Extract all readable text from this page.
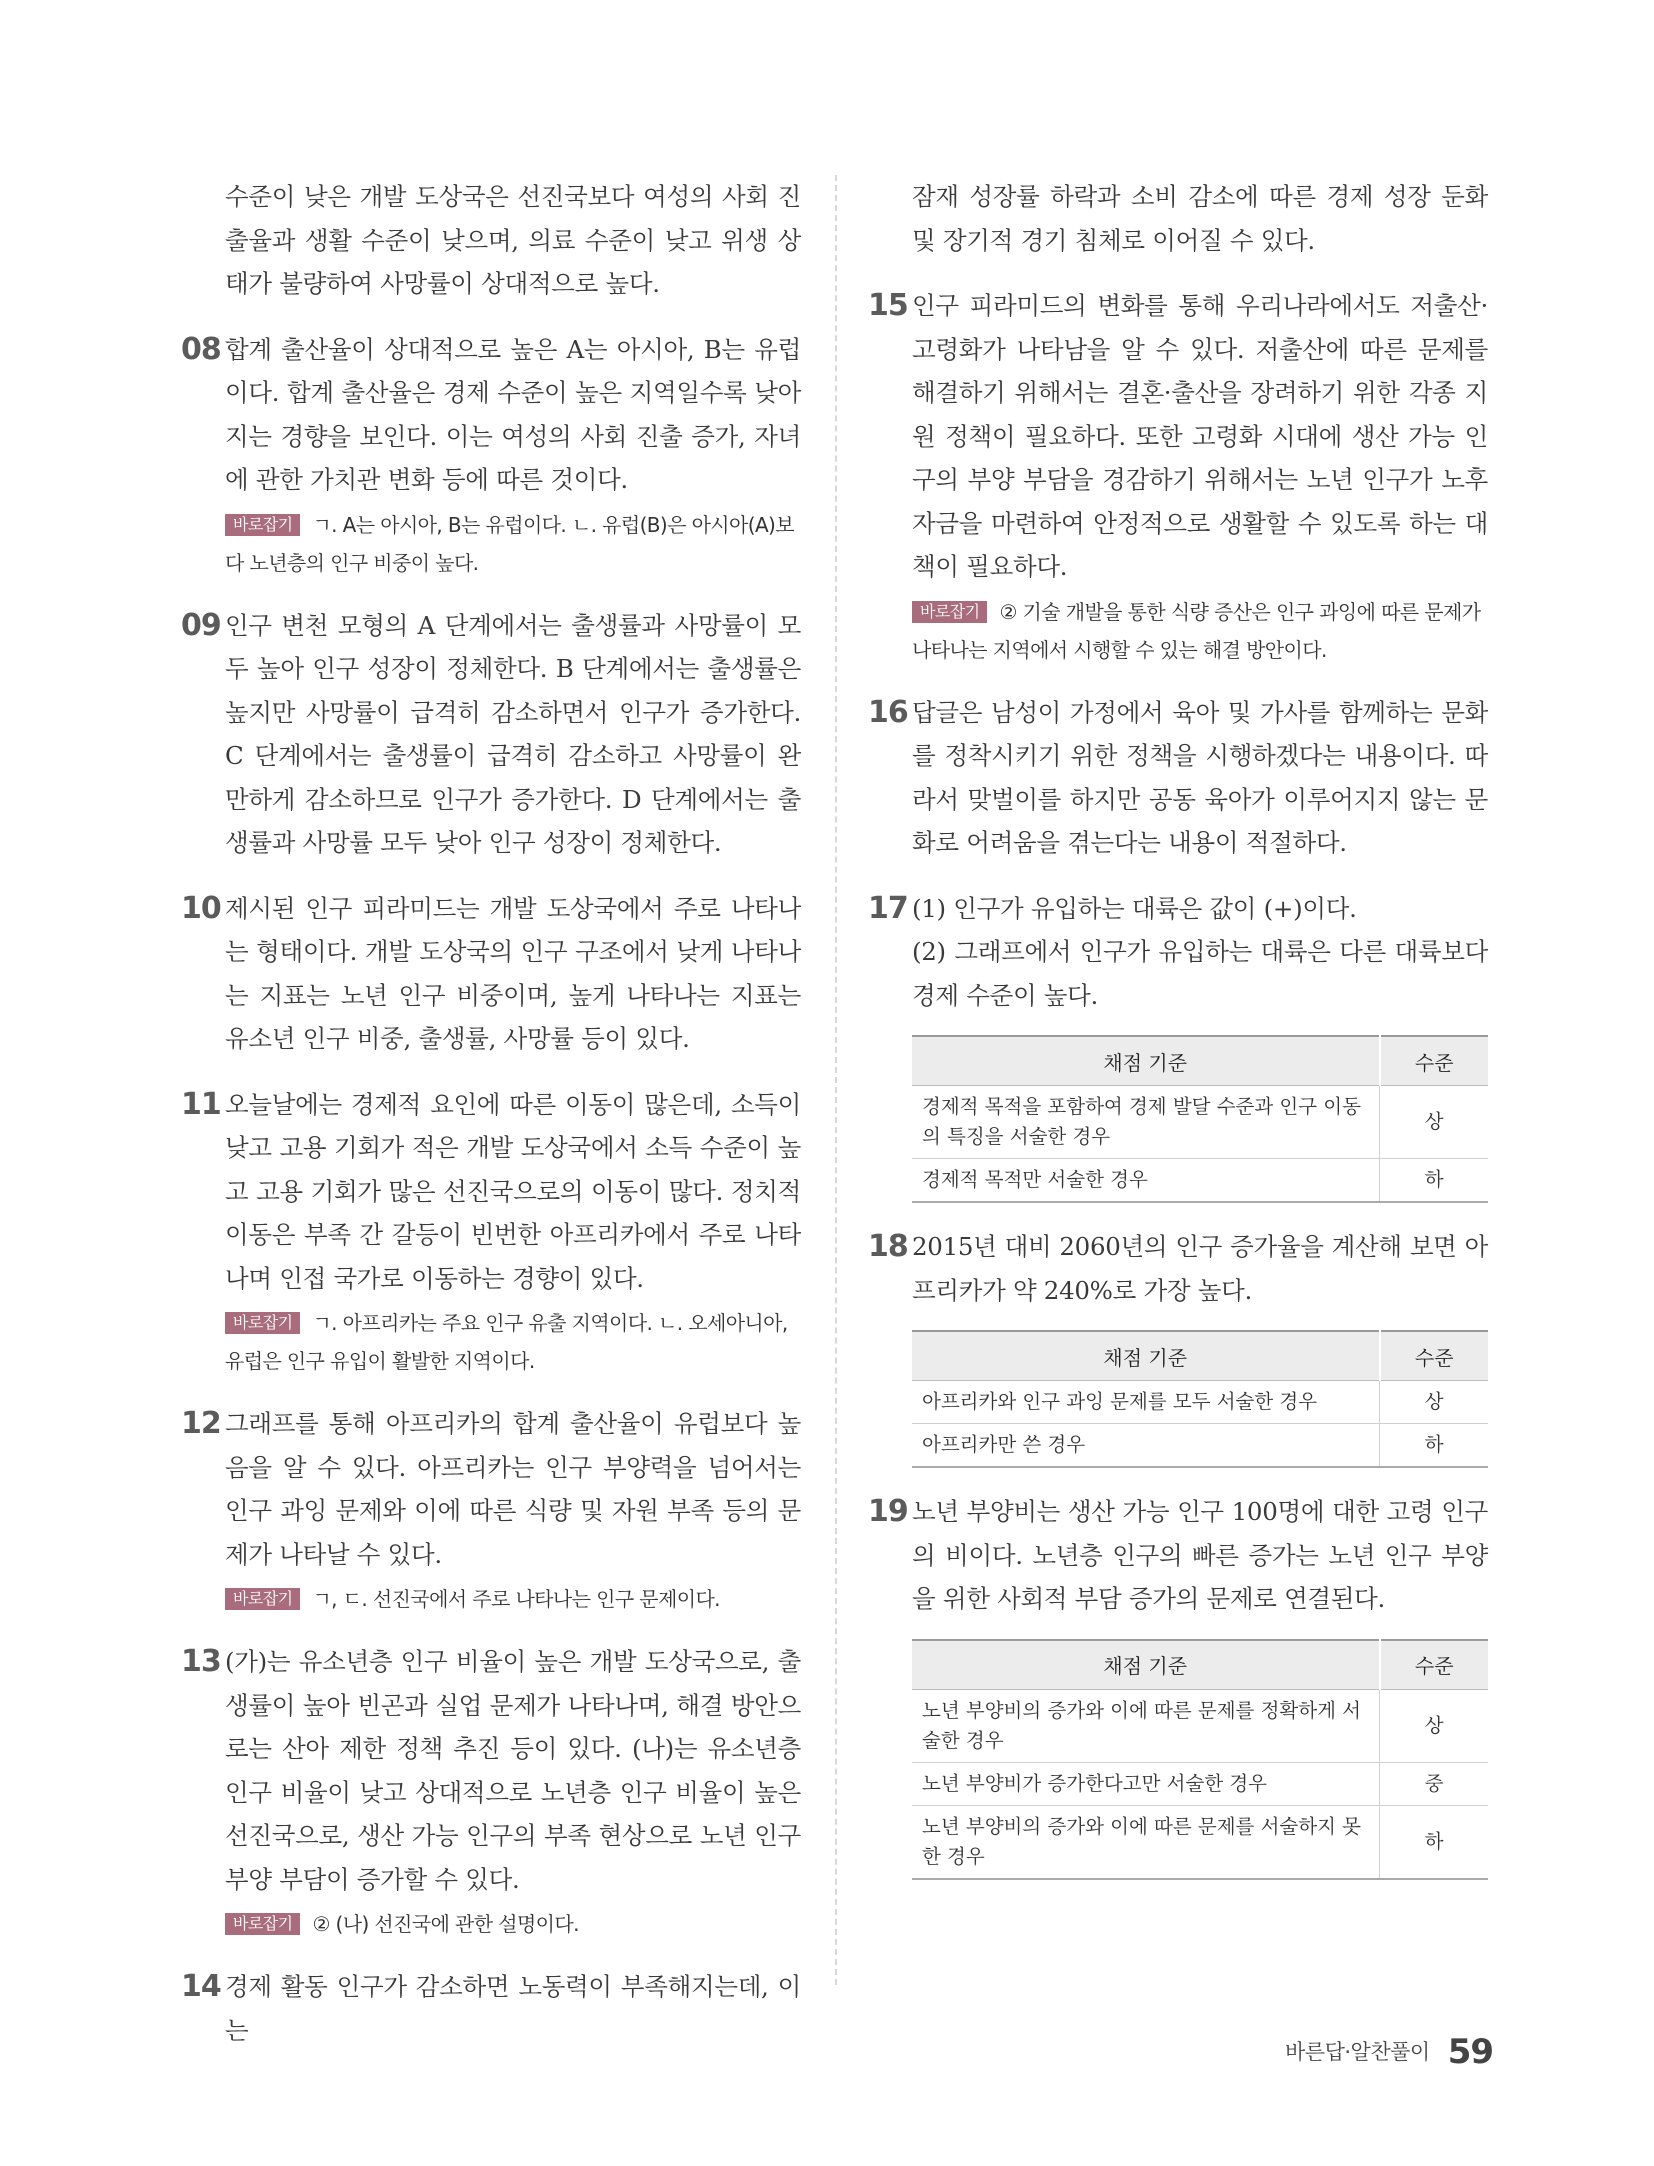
수준이 낮은 개발 도상국은 선진국보다 여성의 사회 진출율과 생활 수준이 낮으며, 의료 수준이 낮고 위생 상태가 불량하여 사망률이 상대적으로 높다.

08 합계 출산율이 상대적으로 높은 A는 아시아, B는 유럽이다. 합계 출산율은 경제 수준이 높은 지역일수록 낮아지는 경향을 보인다. 이는 여성의 사회 진출 증가, 자녀에 관한 가치관 변화 등에 따른 것이다.

바로잡기 ㄱ. A는 아시아, B는 유럽이다. ㄴ. 유럽(B)은 아시아(A)보다 노년층의 인구 비중이 높다.

09 인구 변천 모형의 A 단계에서는 출생률과 사망률이 모두 높아 인구 성장이 정체한다. B 단계에서는 출생률은 높지만 사망률이 급격히 감소하면서 인구가 증가한다. C 단계에서는 출생률이 급격히 감소하고 사망률이 완만하게 감소하므로 인구가 증가한다. D 단계에서는 출생률과 사망률 모두 낮아 인구 성장이 정체한다.

10 제시된 인구 피라미드는 개발 도상국에서 주로 나타나는 형태이다. 개발 도상국의 인구 구조에서 낮게 나타나는 지표는 노년 인구 비중이며, 높게 나타나는 지표는 유소년 인구 비중, 출생률, 사망률 등이 있다.

11 오늘날에는 경제적 요인에 따른 이동이 많은데, 소득이 낮고 고용 기회가 적은 개발 도상국에서 소득 수준이 높고 고용 기회가 많은 선진국으로의 이동이 많다. 정치적 이동은 부족 간 갈등이 빈번한 아프리카에서 주로 나타나며 인접 국가로 이동하는 경향이 있다.

바로잡기 ㄱ. 아프리카는 주요 인구 유출 지역이다. ㄴ. 오세아니아, 유럽은 인구 유입이 활발한 지역이다.

12 그래프를 통해 아프리카의 합계 출산율이 유럽보다 높음을 알 수 있다. 아프리카는 인구 부양력을 넘어서는 인구 과잉 문제와 이에 따른 식량 및 자원 부족 등의 문제가 나타날 수 있다.

바로잡기 ㄱ, ㄷ. 선진국에서 주로 나타나는 인구 문제이다.

13 (가)는 유소년층 인구 비율이 높은 개발 도상국으로, 출생률이 높아 빈곤과 실업 문제가 나타나며, 해결 방안으로는 산아 제한 정책 추진 등이 있다. (나)는 유소년층 인구 비율이 낮고 상대적으로 노년층 인구 비율이 높은 선진국으로, 생산 가능 인구의 부족 현상으로 노년 인구 부양 부담이 증가할 수 있다.

바로잡기 ② (나) 선진국에 관한 설명이다.

14 경제 활동 인구가 감소하면 노동력이 부족해지는데, 이는

잠재 성장률 하락과 소비 감소에 따른 경제 성장 둔화 및 장기적 경기 침체로 이어질 수 있다.

15 인구 피라미드의 변화를 통해 우리나라에서도 저출산·고령화가 나타남을 알 수 있다. 저출산에 따른 문제를 해결하기 위해서는 결혼·출산을 장려하기 위한 각종 지원 정책이 필요하다. 또한 고령화 시대에 생산 가능 인구의 부양 부담을 경감하기 위해서는 노년 인구가 노후 자금을 마련하여 안정적으로 생활할 수 있도록 하는 대책이 필요하다.

바로잡기 ② 기술 개발을 통한 식량 증산은 인구 과잉에 따른 문제가 나타나는 지역에서 시행할 수 있는 해결 방안이다.

16 답글은 남성이 가정에서 육아 및 가사를 함께하는 문화를 정착시키기 위한 정책을 시행하겠다는 내용이다. 따라서 맞벌이를 하지만 공동 육아가 이루어지지 않는 문화로 어려움을 겪는다는 내용이 적절하다.

17 (1) 인구가 유입하는 대륙은 값이 (+)이다.

(2) 그래프에서 인구가 유입하는 대륙은 다른 대륙보다 경제 수준이 높다.

채점 기준	수준
경제적 목적을 포함하여 경제 발달 수준과 인구 이동의 특징을 서술한 경우	상
경제적 목적만 서술한 경우	하
18 2015년 대비 2060년의 인구 증가율을 계산해 보면 아프리카가 약 240%로 가장 높다.

채점 기준	수준
아프리카와 인구 과잉 문제를 모두 서술한 경우	상
아프리카만 쓴 경우	하
19 노년 부양비는 생산 가능 인구 100명에 대한 고령 인구의 비이다. 노년층 인구의 빠른 증가는 노년 인구 부양을 위한 사회적 부담 증가의 문제로 연결된다.

채점 기준	수준
노년 부양비의 증가와 이에 따른 문제를 정확하게 서술한 경우	상
노년 부양비가 증가한다고만 서술한 경우	중
노년 부양비의 증가와 이에 따른 문제를 서술하지 못한 경우	하
바른답·알찬풀이 59
